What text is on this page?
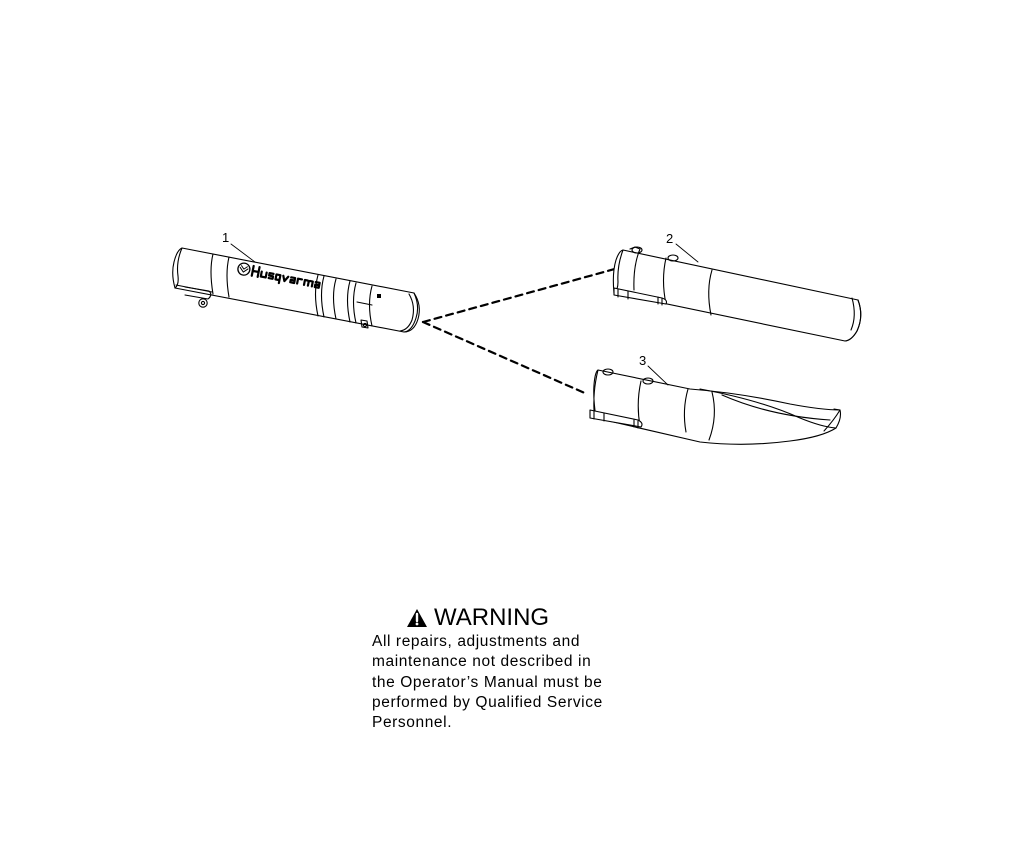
1	2
3
WARNING

All repairs, adjustments and
maintenance not described in
the Operator’s Manual must be
performed by Qualified Service
Personnel.
